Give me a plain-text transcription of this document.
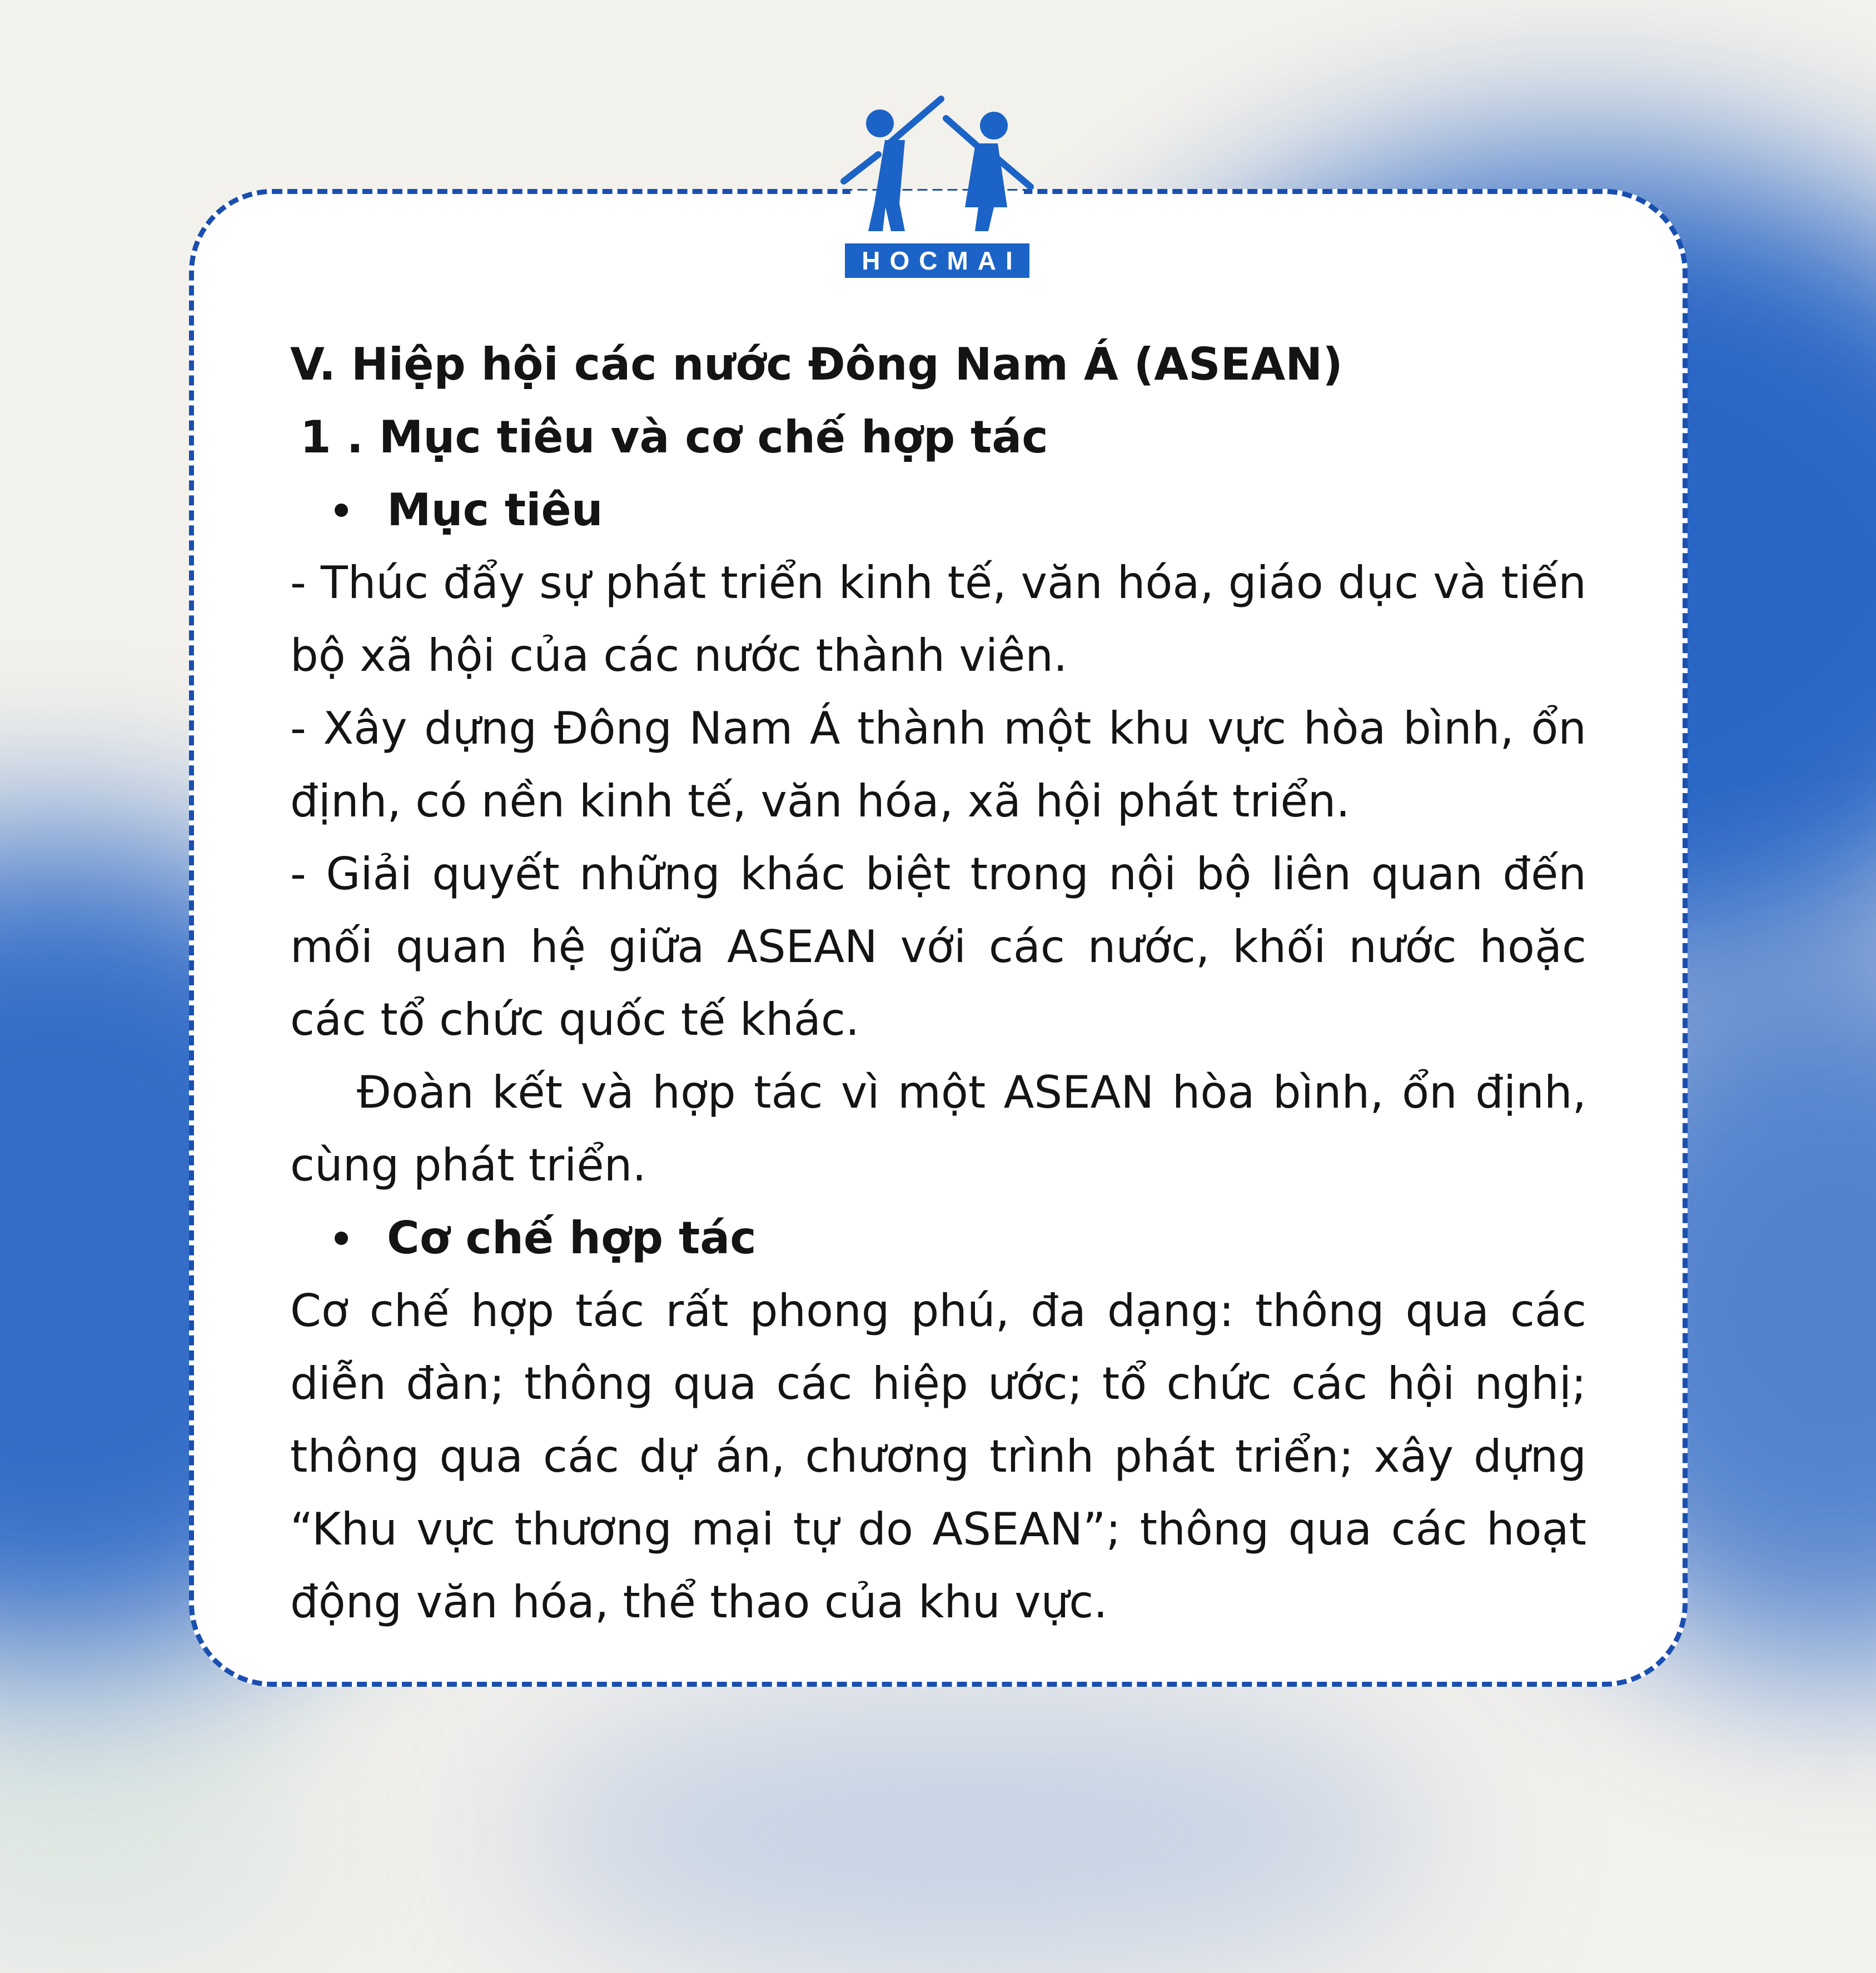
HOCMAI

V. Hiệp hội các nước Đông Nam Á (ASEAN)

1 . Mục tiêu và cơ chế hợp tác

Mục tiêu

- Thúc đẩy sự phát triển kinh tế, văn hóa, giáo dục và tiến bộ xã hội của các nước thành viên.

- Xây dựng Đông Nam Á thành một khu vực hòa bình, ổn định, có nền kinh tế, văn hóa, xã hội phát triển.

- Giải quyết những khác biệt trong nội bộ liên quan đến mối quan hệ giữa ASEAN với các nước, khối nước hoặc các tổ chức quốc tế khác.

Đoàn kết và hợp tác vì một ASEAN hòa bình, ổn định, cùng phát triển.

Cơ chế hợp tác

Cơ chế hợp tác rất phong phú, đa dạng: thông qua các diễn đàn; thông qua các hiệp ước; tổ chức các hội nghị; thông qua các dự án, chương trình phát triển; xây dựng “Khu vực thương mại tự do ASEAN”; thông qua các hoạt động văn hóa, thể thao của khu vực.
